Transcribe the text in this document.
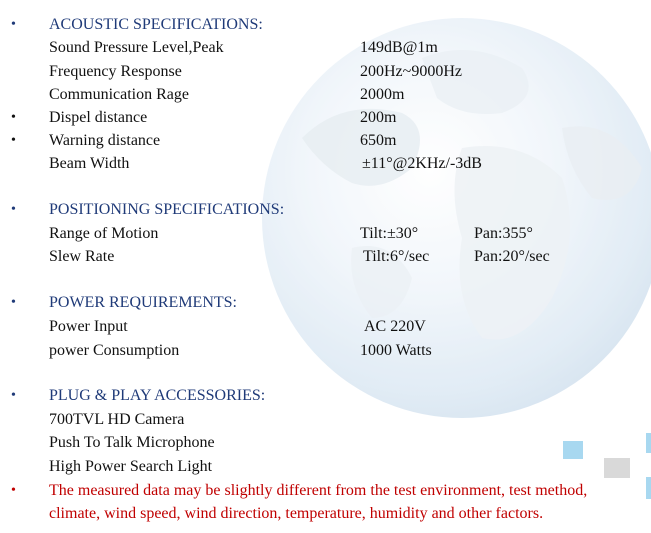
• ACOUSTIC SPECIFICATIONS:
Sound Pressure Level,Peak	149dB@1m
Frequency Response	200Hz~9000Hz
Communication Rage	2000m
• Dispel distance	200m
• Warning distance	650m
Beam Width	±11°@2KHz/-3dB
• POSITIONING SPECIFICATIONS:
Range of Motion	Tilt:±30°	Pan:355°
Slew Rate	Tilt:6°/sec	Pan:20°/sec
• POWER REQUIREMENTS:
Power Input	AC 220V
power Consumption	1000 Watts
• PLUG & PLAY ACCESSORIES:
700TVL HD Camera
Push To Talk Microphone
High Power Search Light
• The measured data may be slightly different from the test environment, test method,
climate, wind speed, wind direction, temperature, humidity and other factors.
